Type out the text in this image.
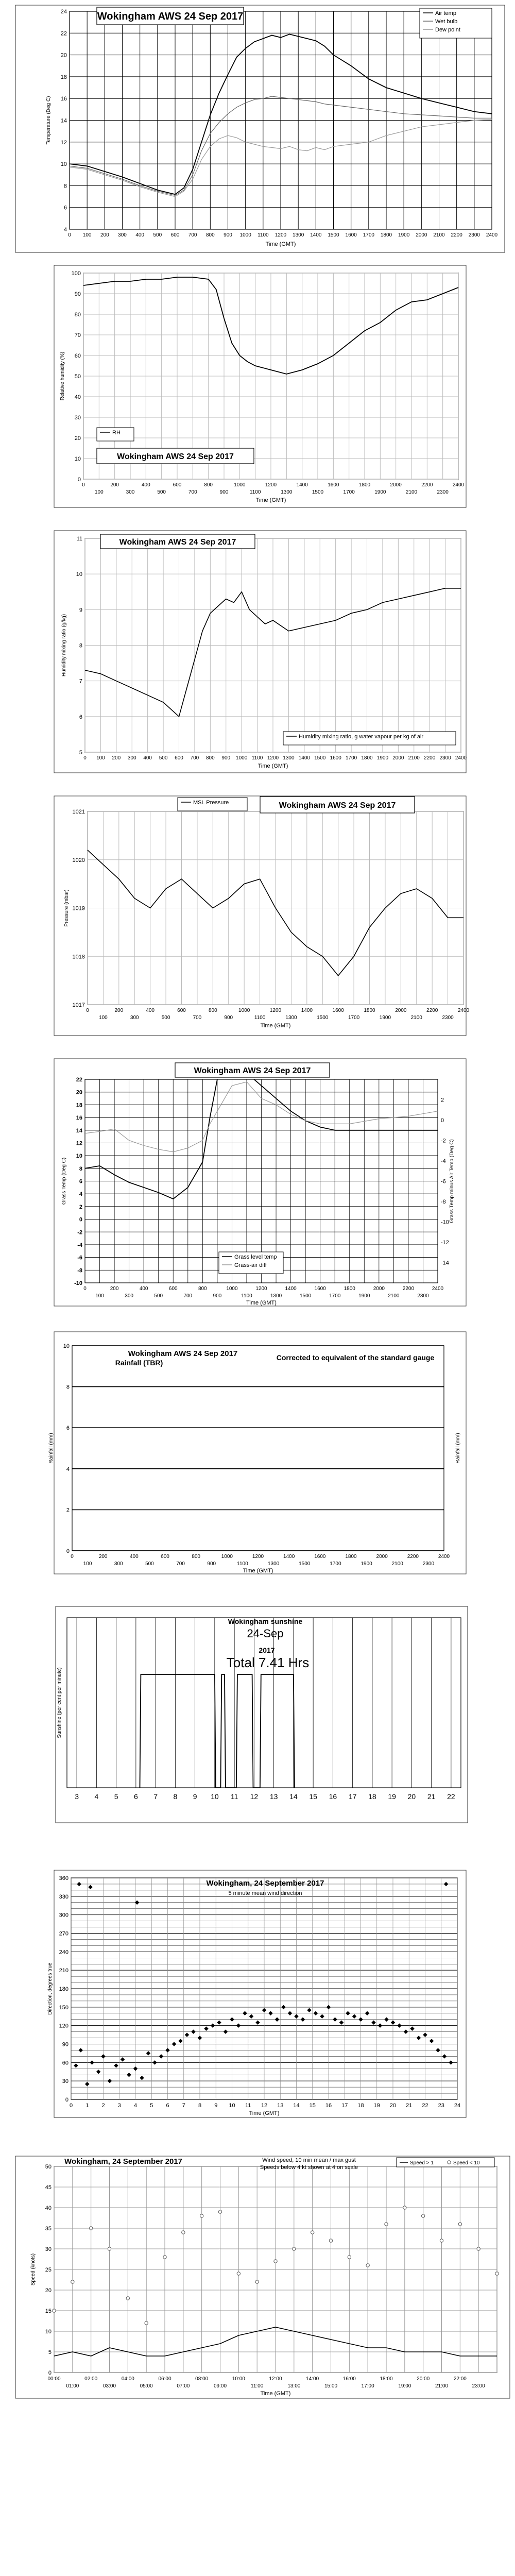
4
6
8
10
12
14
16
18
20
22
24
0 100 200 300 400 500 600 700 800 900 1000 1100 1200 1300 1400 1500 1600 1700 1800 1900 2000 2100 2200 2300 2400
Time (GMT)
Temperature (Deg C)
Wokingham AWS 24 Sep 2017	Air temp
Wet bulb
Dew point
0
10
20
30
40
50
60
70
80
90
100
0	200	400	600	800	1000	1200	1400	1600	1800	2000	2200	2400
100	300	500	700	900	1100	1300	1500	1700	1900	2100	2300
Time (GMT)
Relative humidity (%)
RH
Wokingham AWS 24 Sep 2017
5
6
7
8
9
10
11
0 100 200 300 400 500 600 700 800 900 1000 1100 1200 1300 1400 1500 1600 1700 1800 1900 2000 2100 2200 2300 2400
Time (GMT)
Humidity mixing ratio (g/kg)
Wokingham AWS 24 Sep 2017
Humidity mixing ratio, g water vapour per kg of air
1017
1018
1019
1020
1021
0	200	400	600	800	1000	1200	1400	1600	1800	2000	2200	2400
100	300	500	700	900	1100	1300	1500	1700	1900	2100	2300
Time (GMT)
Pressure (mbar)
MSL Pressure	Wokingham AWS 24 Sep 2017
-10
-8
-6
-4
-2
0
2
4
6
8
10
12
14
16
18
20
22
-14
-12
-10
-8
-6
-4
-2
0
2
0	200	400	600	800	1000	1200	1400	1600	1800	2000	2200	2400
100	300	500	700	900	1100	1300	1500	1700	1900	2100	2300
Time (GMT)
Grass Temp (Deg C)	Grass Temp minus Air Temp (Deg C)
Wokingham AWS 24 Sep 2017
Grass level temp
Grass-air diff
0
2
4
6
8
10
0	200	400	600	800	1000	1200	1400	1600	1800	2000	2200	2400
100	300	500	700	900	1100	1300	1500	1700	1900	2100	2300
Time (GMT)
Rainfall (mm)	Rainfall (mm)
Wokingham AWS 24 Sep 2017
Rainfall (TBR)
Corrected to equivalent of the standard gauge
3 4 5 6 7 8 9 10 11 12 13 14 15 16 17 18 19 20 21 22
Sunshine (per cent per minute)
Wokingham sunshine
24-Sep
2017
Total 7.41 Hrs
0
30
60
90
120
150
180
210
240
270
300
330
360
0 1 2 3 4 5 6 7 8 9 10 11 12 13 14 15 16 17 18 19 20 21 22 23 24
Time (GMT)
Direction, degrees true
Wokingham, 24 September 2017
5 minute mean wind direction
0
5
10
15
20
25
30
35
40
45
50
00:00	02:00	04:00	06:00	08:00	10:00	12:00	14:00	16:00	18:00	20:00	22:00
01:00	03:00	05:00	07:00	09:00	11:00	13:00	15:00	17:00	19:00	21:00	23:00
Time (GMT)
Speed (knots)
Wokingham, 24 September 2017	Wind speed, 10 min mean / max gust
Speeds below 4 kt shown at 4 on scale
Speed > 1	Speed < 10
